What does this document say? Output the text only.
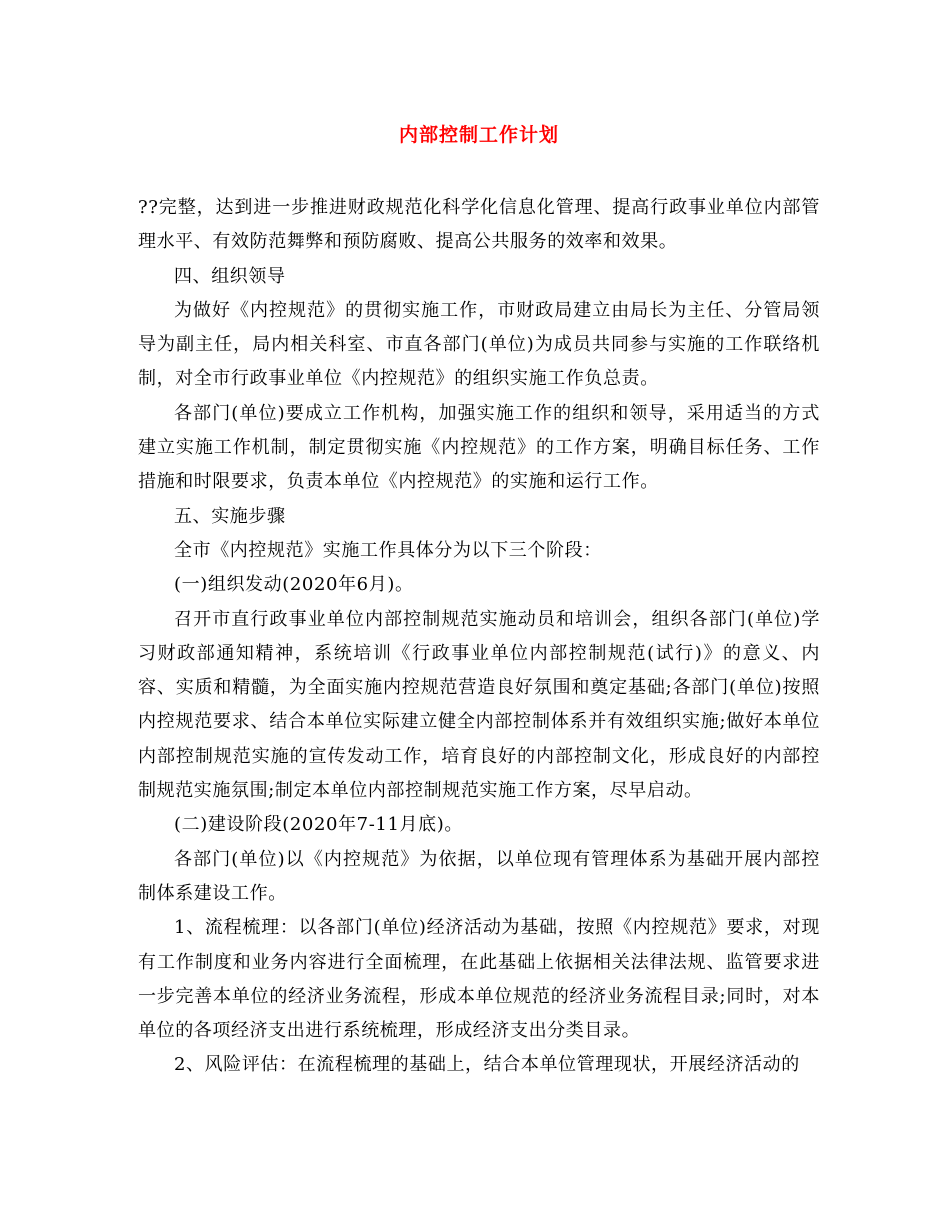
内部控制工作计划

??完整，达到进一步推进财政规范化科学化信息化管理、提高行政事业单位内部管理水平、有效防范舞弊和预防腐败、提高公共服务的效率和效果。

四、组织领导

为做好《内控规范》的贯彻实施工作，市财政局建立由局长为主任、分管局领导为副主任，局内相关科室、市直各部门(单位)为成员共同参与实施的工作联络机制，对全市行政事业单位《内控规范》的组织实施工作负总责。

各部门(单位)要成立工作机构，加强实施工作的组织和领导，采用适当的方式建立实施工作机制，制定贯彻实施《内控规范》的工作方案，明确目标任务、工作措施和时限要求，负责本单位《内控规范》的实施和运行工作。

五、实施步骤

全市《内控规范》实施工作具体分为以下三个阶段：

(一)组织发动(2020年6月)。

召开市直行政事业单位内部控制规范实施动员和培训会，组织各部门(单位)学习财政部通知精神，系统培训《行政事业单位内部控制规范(试行)》的意义、内容、实质和精髓，为全面实施内控规范营造良好氛围和奠定基础;各部门(单位)按照内控规范要求、结合本单位实际建立健全内部控制体系并有效组织实施;做好本单位内部控制规范实施的宣传发动工作，培育良好的内部控制文化，形成良好的内部控制规范实施氛围;制定本单位内部控制规范实施工作方案，尽早启动。

(二)建设阶段(2020年7-11月底)。

各部门(单位)以《内控规范》为依据，以单位现有管理体系为基础开展内部控制体系建设工作。

1、流程梳理：以各部门(单位)经济活动为基础，按照《内控规范》要求，对现有工作制度和业务内容进行全面梳理，在此基础上依据相关法律法规、监管要求进一步完善本单位的经济业务流程，形成本单位规范的经济业务流程目录;同时，对本单位的各项经济支出进行系统梳理，形成经济支出分类目录。

2、风险评估：在流程梳理的基础上，结合本单位管理现状，开展经济活动的
